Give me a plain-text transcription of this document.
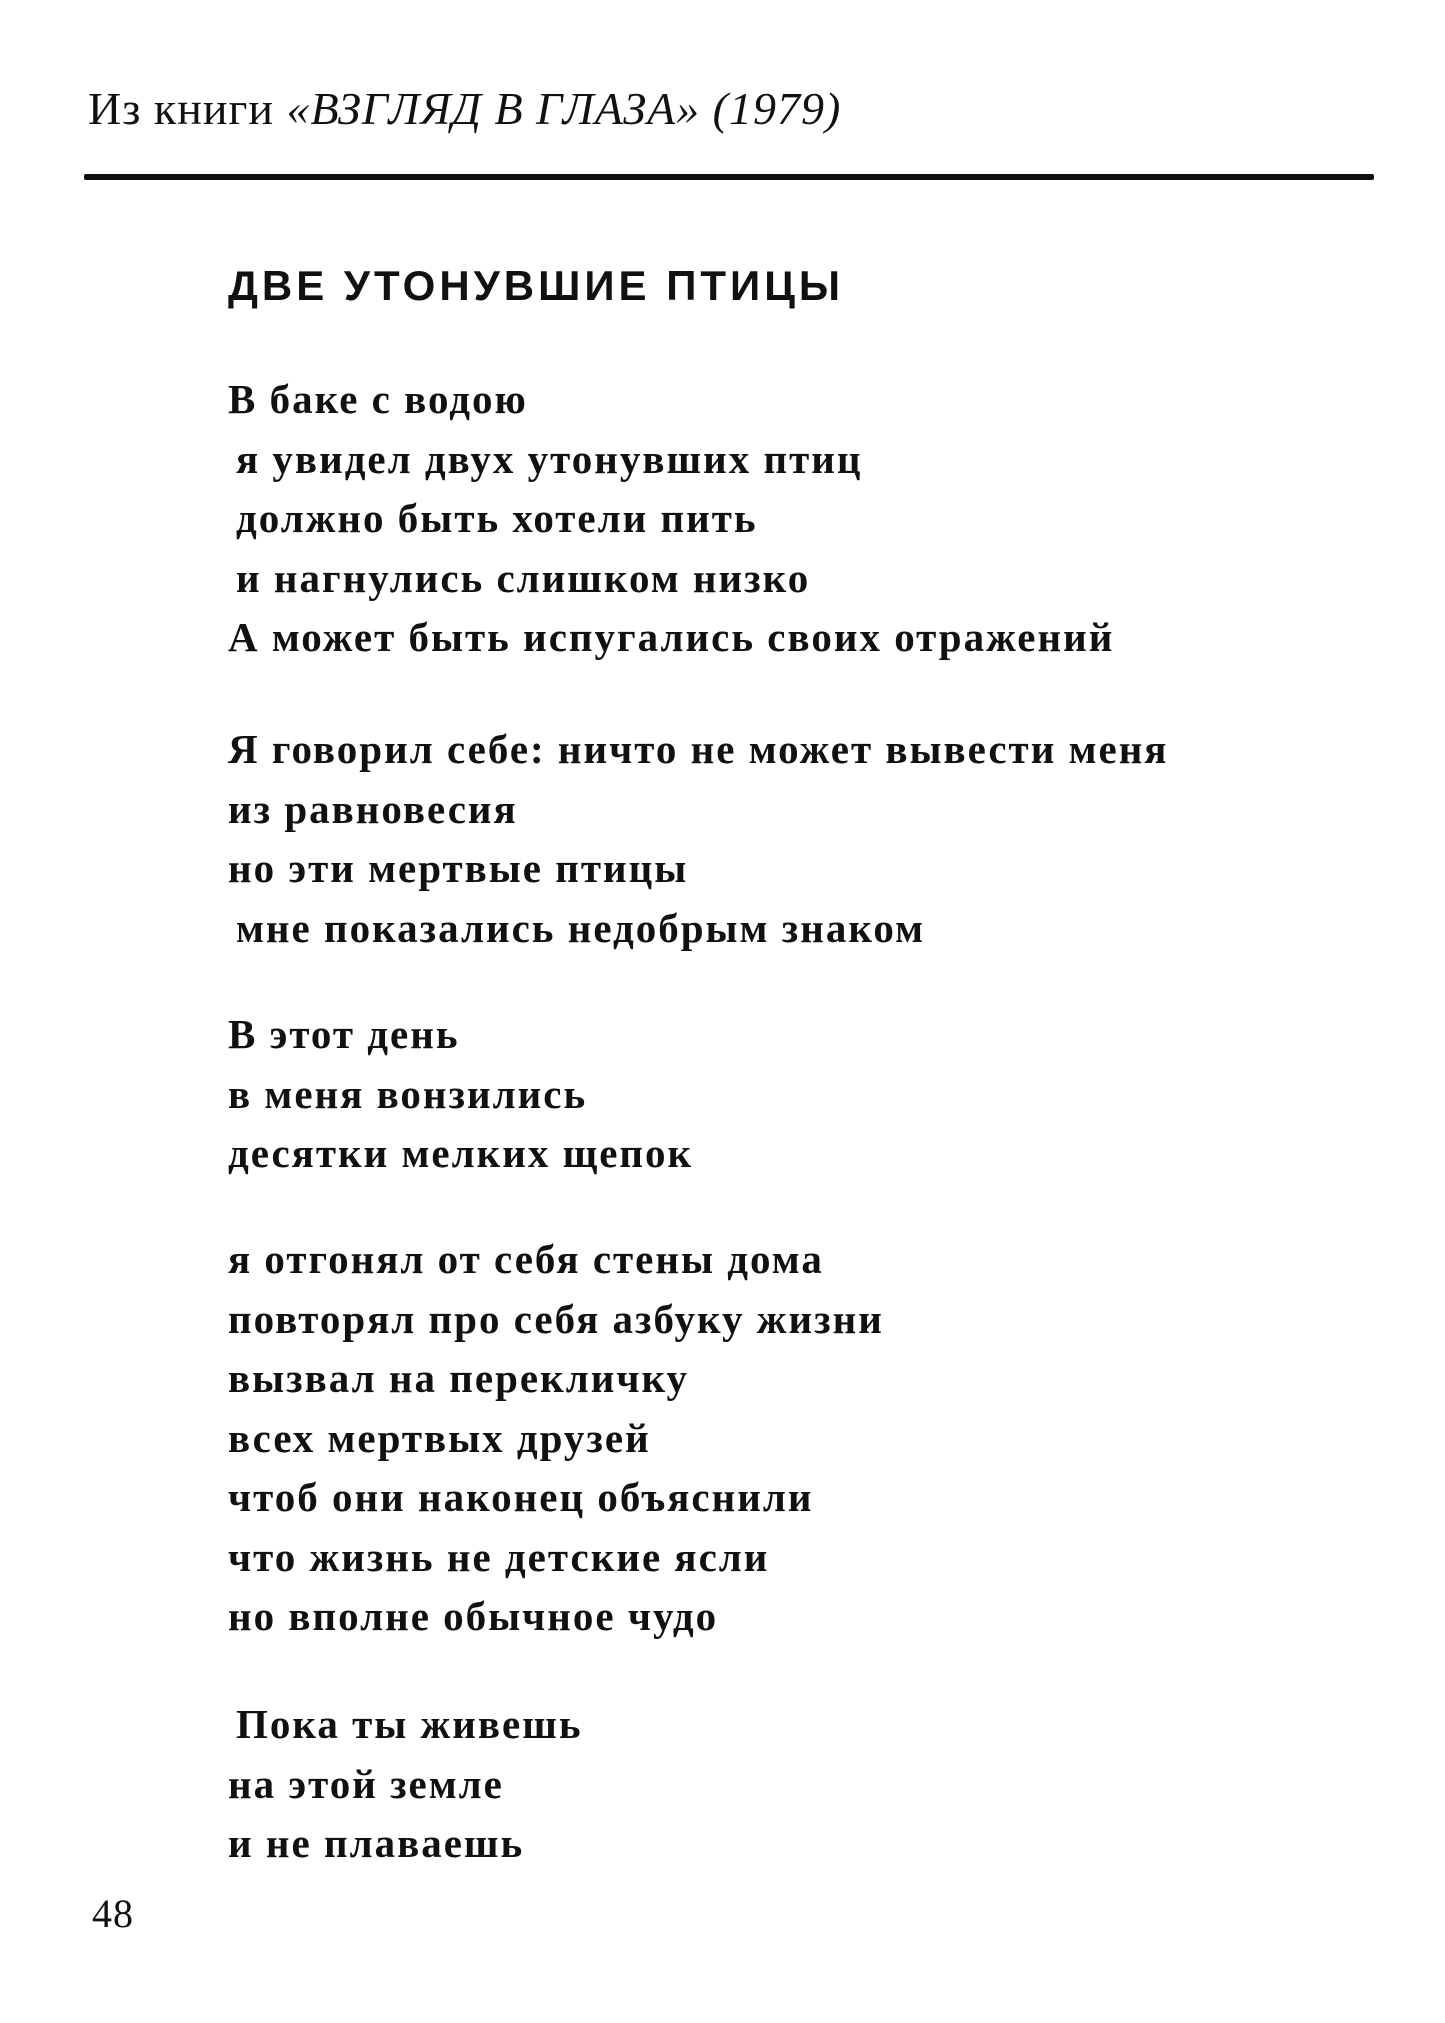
Из книги «ВЗГЛЯД В ГЛАЗА» (1979)
ДВЕ УТОНУВШИЕ ПТИЦЫ
В баке с водою
я увидел двух утонувших птиц
должно быть хотели пить
и нагнулись слишком низко
А может быть испугались своих отражений
Я говорил себе: ничто не может вывести меня
из равновесия
но эти мертвые птицы
мне показались недобрым знаком
В этот день
в меня вонзились
десятки мелких щепок
я отгонял от себя стены дома
повторял про себя азбуку жизни
вызвал на перекличку
всех мертвых друзей
чтоб они наконец объяснили
что жизнь не детские ясли
но вполне обычное чудо
Пока ты живешь
на этой земле
и не плаваешь
48
